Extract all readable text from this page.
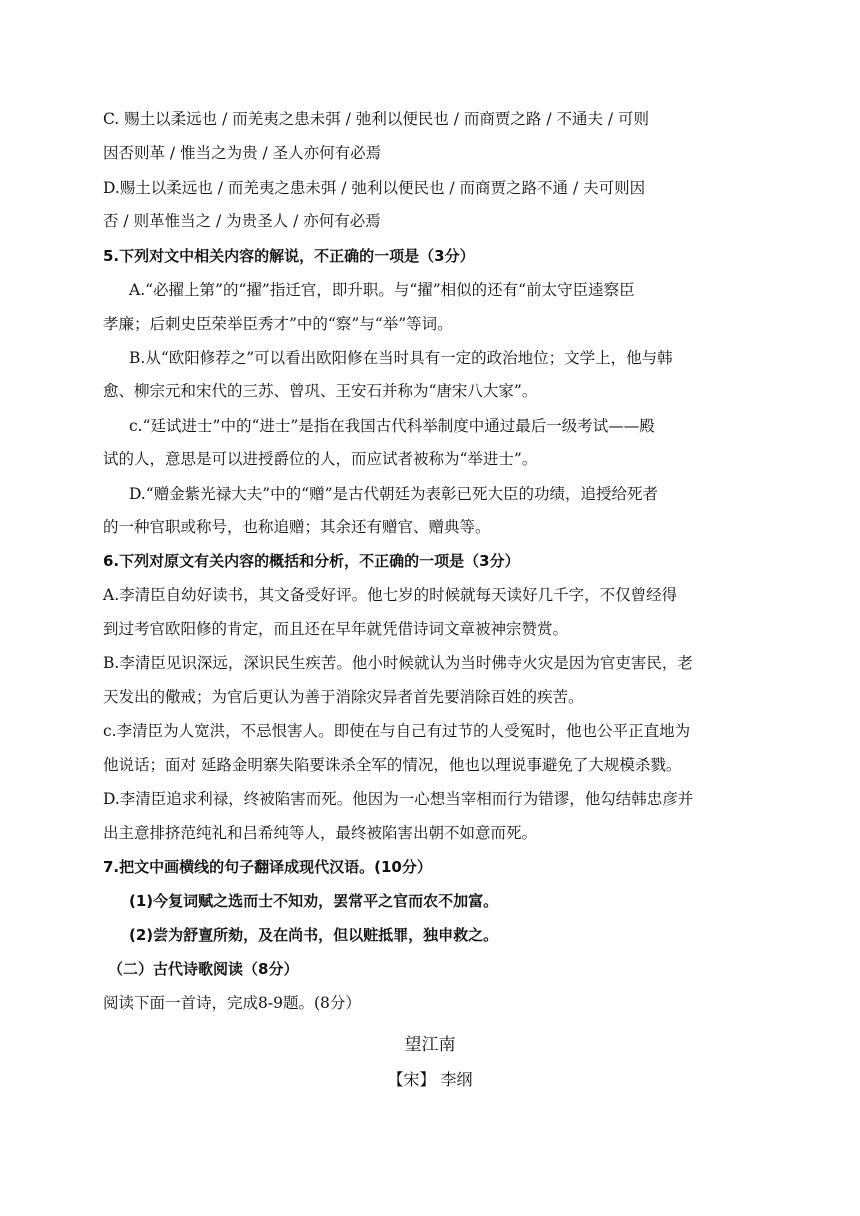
C. 赐土以柔远也 / 而羌夷之患未弭 / 弛利以便民也 / 而商贾之路 / 不通夫 / 可则
因否则革 / 惟当之为贵 / 圣人亦何有必焉
D.赐土以柔远也 / 而羌夷之患未弭 / 弛利以便民也 / 而商贾之路不通 / 夫可则因
否 / 则革惟当之 / 为贵圣人 / 亦何有必焉
5.下列对文中相关内容的解说，不正确的一项是（3分）
A.“必擢上第”的“擢”指迁官，即升职。与“擢”相似的还有“前太守臣逵察臣
孝廉；后刺史臣荣举臣秀才”中的“察”与“举”等词。
B.从“欧阳修荐之”可以看出欧阳修在当时具有一定的政治地位；文学上，他与韩
愈、柳宗元和宋代的三苏、曾巩、王安石并称为“唐宋八大家”。
c.“廷试进士”中的“进士”是指在我国古代科举制度中通过最后一级考试——殿
试的人，意思是可以进授爵位的人，而应试者被称为“举进士”。
D.“赠金紫光禄大夫”中的“赠”是古代朝廷为表彰已死大臣的功绩，追授给死者
的一种官职或称号，也称追赠；其余还有赠官、赠典等。
6.下列对原文有关内容的概括和分析，不正确的一项是（3分）
A.李清臣自幼好读书，其文备受好评。他七岁的时候就每天读好几千字，不仅曾经得
到过考官欧阳修的肯定，而且还在早年就凭借诗词文章被神宗赞赏。
B.李清臣见识深远，深识民生疾苦。他小时候就认为当时佛寺火灾是因为官吏害民，老
天发出的儆戒；为官后更认为善于消除灾异者首先要消除百姓的疾苦。
c.李清臣为人宽洪，不忌恨害人。即使在与自己有过节的人受冤时，他也公平正直地为
他说话；面对 延路金明寨失陷要诛杀全军的情况，他也以理说事避免了大规模杀戮。
D.李清臣追求利禄，终被陷害而死。他因为一心想当宰相而行为错谬，他勾结韩忠彦并
出主意排挤范纯礼和吕希纯等人，最终被陷害出朝不如意而死。
7.把文中画横线的句子翻译成现代汉语。(10分）
(1)今复词赋之选而士不知劝，罢常平之官而农不加富。
(2)尝为舒亶所劾，及在尚书，但以赃抵罪，独申救之。
（二）古代诗歌阅读（8分）
阅读下面一首诗，完成8-9题。(8分）
望江南
【宋】 李纲
